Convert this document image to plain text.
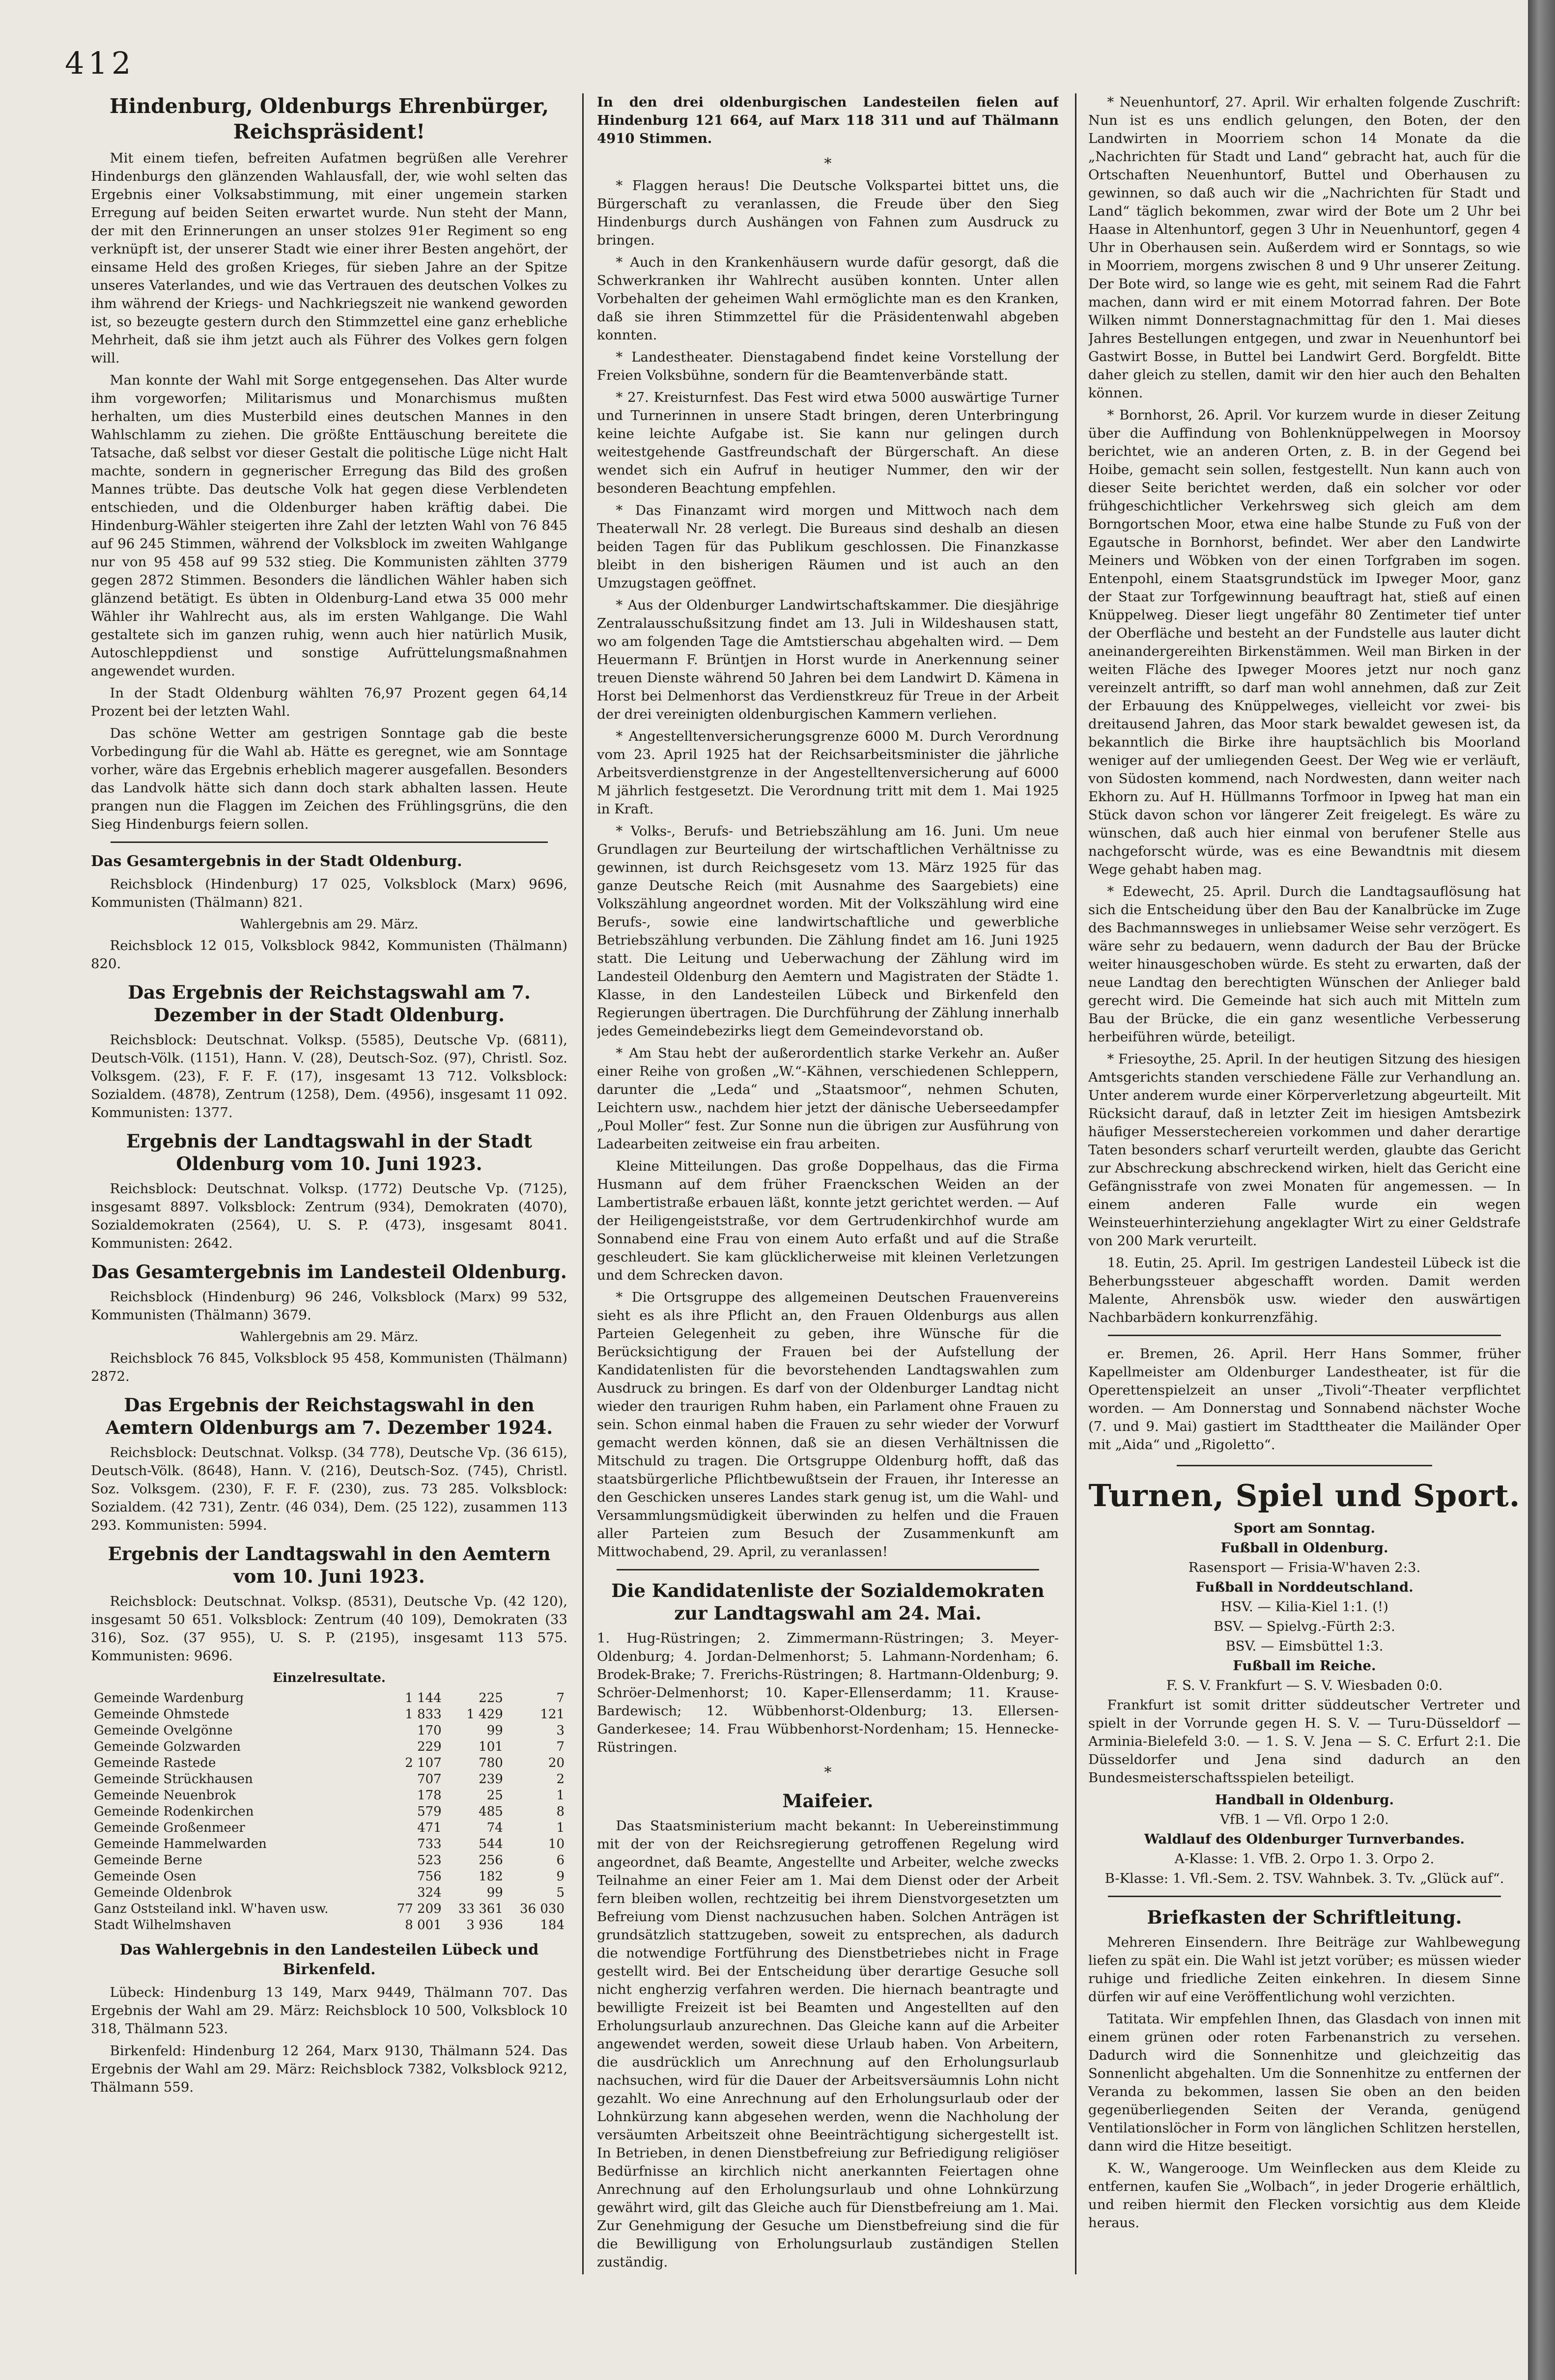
412
Hindenburg, Oldenburgs Ehrenbürger, Reichspräsident!

Mit einem tiefen, befreiten Aufatmen begrüßen alle Verehrer Hindenburgs den glänzenden Wahlausfall, der, wie wohl selten das Ergebnis einer Volksabstimmung, mit einer ungemein starken Erregung auf beiden Seiten erwartet wurde. Nun steht der Mann, der mit den Erinnerungen an unser stolzes 91er Regiment so eng verknüpft ist, der unserer Stadt wie einer ihrer Besten angehört, der einsame Held des großen Krieges, für sieben Jahre an der Spitze unseres Vaterlandes, und wie das Vertrauen des deutschen Volkes zu ihm während der Kriegs- und Nachkriegszeit nie wankend geworden ist, so bezeugte gestern durch den Stimmzettel eine ganz erhebliche Mehrheit, daß sie ihm jetzt auch als Führer des Volkes gern folgen will.

Man konnte der Wahl mit Sorge entgegensehen. Das Alter wurde ihm vorgeworfen; Militarismus und Monarchismus mußten herhalten, um dies Musterbild eines deutschen Mannes in den Wahlschlamm zu ziehen. Die größte Enttäuschung bereitete die Tatsache, daß selbst vor dieser Gestalt die politische Lüge nicht Halt machte, sondern in gegnerischer Erregung das Bild des großen Mannes trübte. Das deutsche Volk hat gegen diese Verblendeten entschieden, und die Oldenburger haben kräftig dabei. Die Hindenburg-Wähler steigerten ihre Zahl der letzten Wahl von 76 845 auf 96 245 Stimmen, während der Volksblock im zweiten Wahlgange nur von 95 458 auf 99 532 stieg. Die Kommunisten zählten 3779 gegen 2872 Stimmen. Besonders die ländlichen Wähler haben sich glänzend betätigt. Es übten in Oldenburg-Land etwa 35 000 mehr Wähler ihr Wahlrecht aus, als im ersten Wahlgange. Die Wahl gestaltete sich im ganzen ruhig, wenn auch hier natürlich Musik, Autoschleppdienst und sonstige Aufrüttelungsmaßnahmen angewendet wurden.

In der Stadt Oldenburg wählten 76,97 Prozent gegen 64,14 Prozent bei der letzten Wahl.

Das schöne Wetter am gestrigen Sonntage gab die beste Vorbedingung für die Wahl ab. Hätte es geregnet, wie am Sonntage vorher, wäre das Ergebnis erheblich magerer ausgefallen. Besonders das Landvolk hätte sich dann doch stark abhalten lassen. Heute prangen nun die Flaggen im Zeichen des Frühlingsgrüns, die den Sieg Hindenburgs feiern sollen.

Das Gesamtergebnis in der Stadt Oldenburg.

Reichsblock (Hindenburg) 17 025, Volksblock (Marx) 9696, Kommunisten (Thälmann) 821.

Wahlergebnis am 29. März.

Reichsblock 12 015, Volksblock 9842, Kommunisten (Thälmann) 820.

Das Ergebnis der Reichstagswahl am 7. Dezember in der Stadt Oldenburg.

Reichsblock: Deutschnat. Volksp. (5585), Deutsche Vp. (6811), Deutsch-Völk. (1151), Hann. V. (28), Deutsch-Soz. (97), Christl. Soz. Volksgem. (23), F. F. F. (17), insgesamt 13 712. Volksblock: Sozialdem. (4878), Zentrum (1258), Dem. (4956), insgesamt 11 092. Kommunisten: 1377.

Ergebnis der Landtagswahl in der Stadt Oldenburg vom 10. Juni 1923.

Reichsblock: Deutschnat. Volksp. (1772) Deutsche Vp. (7125), insgesamt 8897. Volksblock: Zentrum (934), Demokraten (4070), Sozialdemokraten (2564), U. S. P. (473), insgesamt 8041. Kommunisten: 2642.

Das Gesamtergebnis im Landesteil Oldenburg.

Reichsblock (Hindenburg) 96 246, Volksblock (Marx) 99 532, Kommunisten (Thälmann) 3679.

Wahlergebnis am 29. März.

Reichsblock 76 845, Volksblock 95 458, Kommunisten (Thälmann) 2872.

Das Ergebnis der Reichstagswahl in den Aemtern Oldenburgs am 7. Dezember 1924.

Reichsblock: Deutschnat. Volksp. (34 778), Deutsche Vp. (36 615), Deutsch-Völk. (8648), Hann. V. (216), Deutsch-Soz. (745), Christl. Soz. Volksgem. (230), F. F. F. (230), zus. 73 285. Volksblock: Sozialdem. (42 731), Zentr. (46 034), Dem. (25 122), zusammen 113 293. Kommunisten: 5994.

Ergebnis der Landtagswahl in den Aemtern vom 10. Juni 1923.

Reichsblock: Deutschnat. Volksp. (8531), Deutsche Vp. (42 120), insgesamt 50 651. Volksblock: Zentrum (40 109), Demokraten (33 316), Soz. (37 955), U. S. P. (2195), insgesamt 113 575. Kommunisten: 9696.

Einzelresultate.
Gemeinde Wardenburg	1 144	225	7
Gemeinde Ohmstede	1 833	1 429	121
Gemeinde Ovelgönne	170	99	3
Gemeinde Golzwarden	229	101	7
Gemeinde Rastede	2 107	780	20
Gemeinde Strückhausen	707	239	2
Gemeinde Neuenbrok	178	25	1
Gemeinde Rodenkirchen	579	485	8
Gemeinde Großenmeer	471	74	1
Gemeinde Hammelwarden	733	544	10
Gemeinde Berne	523	256	6
Gemeinde Osen	756	182	9
Gemeinde Oldenbrok	324	99	5
Ganz Oststeiland inkl. W'haven usw.	77 209	33 361	36 030
Stadt Wilhelmshaven	8 001	3 936	184
Das Wahlergebnis in den Landesteilen Lübeck und Birkenfeld.

Lübeck: Hindenburg 13 149, Marx 9449, Thälmann 707. Das Ergebnis der Wahl am 29. März: Reichsblock 10 500, Volksblock 10 318, Thälmann 523.

Birkenfeld: Hindenburg 12 264, Marx 9130, Thälmann 524. Das Ergebnis der Wahl am 29. März: Reichsblock 7382, Volksblock 9212, Thälmann 559.

In den drei oldenburgischen Landesteilen fielen auf Hindenburg 121 664, auf Marx 118 311 und auf Thälmann 4910 Stimmen.

*

* Flaggen heraus! Die Deutsche Volkspartei bittet uns, die Bürgerschaft zu veranlassen, die Freude über den Sieg Hindenburgs durch Aushängen von Fahnen zum Ausdruck zu bringen.

* Auch in den Krankenhäusern wurde dafür gesorgt, daß die Schwerkranken ihr Wahlrecht ausüben konnten. Unter allen Vorbehalten der geheimen Wahl ermöglichte man es den Kranken, daß sie ihren Stimmzettel für die Präsidentenwahl abgeben konnten.

* Landestheater. Dienstagabend findet keine Vorstellung der Freien Volksbühne, sondern für die Beamtenverbände statt.

* 27. Kreisturnfest. Das Fest wird etwa 5000 auswärtige Turner und Turnerinnen in unsere Stadt bringen, deren Unterbringung keine leichte Aufgabe ist. Sie kann nur gelingen durch weitestgehende Gastfreundschaft der Bürgerschaft. An diese wendet sich ein Aufruf in heutiger Nummer, den wir der besonderen Beachtung empfehlen.

* Das Finanzamt wird morgen und Mittwoch nach dem Theaterwall Nr. 28 verlegt. Die Bureaus sind deshalb an diesen beiden Tagen für das Publikum geschlossen. Die Finanzkasse bleibt in den bisherigen Räumen und ist auch an den Umzugstagen geöffnet.

* Aus der Oldenburger Landwirtschaftskammer. Die diesjährige Zentralausschußsitzung findet am 13. Juli in Wildeshausen statt, wo am folgenden Tage die Amtstierschau abgehalten wird. — Dem Heuermann F. Brüntjen in Horst wurde in Anerkennung seiner treuen Dienste während 50 Jahren bei dem Landwirt D. Kämena in Horst bei Delmenhorst das Verdienstkreuz für Treue in der Arbeit der drei vereinigten oldenburgischen Kammern verliehen.

* Angestelltenversicherungsgrenze 6000 M. Durch Verordnung vom 23. April 1925 hat der Reichsarbeitsminister die jährliche Arbeitsverdienstgrenze in der Angestelltenversicherung auf 6000 M jährlich festgesetzt. Die Verordnung tritt mit dem 1. Mai 1925 in Kraft.

* Volks-, Berufs- und Betriebszählung am 16. Juni. Um neue Grundlagen zur Beurteilung der wirtschaftlichen Verhältnisse zu gewinnen, ist durch Reichsgesetz vom 13. März 1925 für das ganze Deutsche Reich (mit Ausnahme des Saargebiets) eine Volkszählung angeordnet worden. Mit der Volkszählung wird eine Berufs-, sowie eine landwirtschaftliche und gewerbliche Betriebszählung verbunden. Die Zählung findet am 16. Juni 1925 statt. Die Leitung und Ueberwachung der Zählung wird im Landesteil Oldenburg den Aemtern und Magistraten der Städte 1. Klasse, in den Landesteilen Lübeck und Birkenfeld den Regierungen übertragen. Die Durchführung der Zählung innerhalb jedes Gemeindebezirks liegt dem Gemeindevorstand ob.

* Am Stau hebt der außerordentlich starke Verkehr an. Außer einer Reihe von großen „W.“-Kähnen, verschiedenen Schleppern, darunter die „Leda“ und „Staatsmoor“, nehmen Schuten, Leichtern usw., nachdem hier jetzt der dänische Ueberseedampfer „Poul Moller“ fest. Zur Sonne nun die übrigen zur Ausführung von Ladearbeiten zeitweise ein frau arbeiten.

Kleine Mitteilungen. Das große Doppelhaus, das die Firma Husmann auf dem früher Fraenckschen Weiden an der Lambertistraße erbauen läßt, konnte jetzt gerichtet werden. — Auf der Heiligengeiststraße, vor dem Gertrudenkirchhof wurde am Sonnabend eine Frau von einem Auto erfaßt und auf die Straße geschleudert. Sie kam glücklicherweise mit kleinen Verletzungen und dem Schrecken davon.

* Die Ortsgruppe des allgemeinen Deutschen Frauenvereins sieht es als ihre Pflicht an, den Frauen Oldenburgs aus allen Parteien Gelegenheit zu geben, ihre Wünsche für die Berücksichtigung der Frauen bei der Aufstellung der Kandidatenlisten für die bevorstehenden Landtagswahlen zum Ausdruck zu bringen. Es darf von der Oldenburger Landtag nicht wieder den traurigen Ruhm haben, ein Parlament ohne Frauen zu sein. Schon einmal haben die Frauen zu sehr wieder der Vorwurf gemacht werden können, daß sie an diesen Verhältnissen die Mitschuld zu tragen. Die Ortsgruppe Oldenburg hofft, daß das staatsbürgerliche Pflichtbewußtsein der Frauen, ihr Interesse an den Geschicken unseres Landes stark genug ist, um die Wahl- und Versammlungsmüdigkeit überwinden zu helfen und die Frauen aller Parteien zum Besuch der Zusammenkunft am Mittwochabend, 29. April, zu veranlassen!

Die Kandidatenliste der Sozialdemokraten zur Landtagswahl am 24. Mai.

1. Hug-Rüstringen; 2. Zimmermann-Rüstringen; 3. Meyer-Oldenburg; 4. Jordan-Delmenhorst; 5. Lahmann-Nordenham; 6. Brodek-Brake; 7. Frerichs-Rüstringen; 8. Hartmann-Oldenburg; 9. Schröer-Delmenhorst; 10. Kaper-Ellenserdamm; 11. Krause-Bardewisch; 12. Wübbenhorst-Oldenburg; 13. Ellersen-Ganderkesee; 14. Frau Wübbenhorst-Nordenham; 15. Hennecke-Rüstringen.

*
Maifeier.

Das Staatsministerium macht bekannt: In Uebereinstimmung mit der von der Reichsregierung getroffenen Regelung wird angeordnet, daß Beamte, Angestellte und Arbeiter, welche zwecks Teilnahme an einer Feier am 1. Mai dem Dienst oder der Arbeit fern bleiben wollen, rechtzeitig bei ihrem Dienstvorgesetzten um Befreiung vom Dienst nachzusuchen haben. Solchen Anträgen ist grundsätzlich stattzugeben, soweit zu entsprechen, als dadurch die notwendige Fortführung des Dienstbetriebes nicht in Frage gestellt wird. Bei der Entscheidung über derartige Gesuche soll nicht engherzig verfahren werden. Die hiernach beantragte und bewilligte Freizeit ist bei Beamten und Angestellten auf den Erholungsurlaub anzurechnen. Das Gleiche kann auf die Arbeiter angewendet werden, soweit diese Urlaub haben. Von Arbeitern, die ausdrücklich um Anrechnung auf den Erholungsurlaub nachsuchen, wird für die Dauer der Arbeitsversäumnis Lohn nicht gezahlt. Wo eine Anrechnung auf den Erholungsurlaub oder der Lohnkürzung kann abgesehen werden, wenn die Nachholung der versäumten Arbeitszeit ohne Beeinträchtigung sichergestellt ist. In Betrieben, in denen Dienstbefreiung zur Befriedigung religiöser Bedürfnisse an kirchlich nicht anerkannten Feiertagen ohne Anrechnung auf den Erholungsurlaub und ohne Lohnkürzung gewährt wird, gilt das Gleiche auch für Dienstbefreiung am 1. Mai. Zur Genehmigung der Gesuche um Dienstbefreiung sind die für die Bewilligung von Erholungsurlaub zuständigen Stellen zuständig.

* Neuenhuntorf, 27. April. Wir erhalten folgende Zuschrift: Nun ist es uns endlich gelungen, den Boten, der den Landwirten in Moorriem schon 14 Monate da die „Nachrichten für Stadt und Land“ gebracht hat, auch für die Ortschaften Neuenhuntorf, Buttel und Oberhausen zu gewinnen, so daß auch wir die „Nachrichten für Stadt und Land“ täglich bekommen, zwar wird der Bote um 2 Uhr bei Haase in Altenhuntorf, gegen 3 Uhr in Neuenhuntorf, gegen 4 Uhr in Oberhausen sein. Außerdem wird er Sonntags, so wie in Moorriem, morgens zwischen 8 und 9 Uhr unserer Zeitung. Der Bote wird, so lange wie es geht, mit seinem Rad die Fahrt machen, dann wird er mit einem Motorrad fahren. Der Bote Wilken nimmt Donnerstagnachmittag für den 1. Mai dieses Jahres Bestellungen entgegen, und zwar in Neuenhuntorf bei Gastwirt Bosse, in Buttel bei Landwirt Gerd. Borgfeldt. Bitte daher gleich zu stellen, damit wir den hier auch den Behalten können.

* Bornhorst, 26. April. Vor kurzem wurde in dieser Zeitung über die Auffindung von Bohlenknüppelwegen in Moorsoy berichtet, wie an anderen Orten, z. B. in der Gegend bei Hoibe, gemacht sein sollen, festgestellt. Nun kann auch von dieser Seite berichtet werden, daß ein solcher vor oder frühgeschichtlicher Verkehrsweg sich gleich am dem Borngortschen Moor, etwa eine halbe Stunde zu Fuß von der Egautsche in Bornhorst, befindet. Wer aber den Landwirte Meiners und Wöbken von der einen Torfgraben im sogen. Entenpohl, einem Staatsgrundstück im Ipweger Moor, ganz der Staat zur Torfgewinnung beauftragt hat, stieß auf einen Knüppelweg. Dieser liegt ungefähr 80 Zentimeter tief unter der Oberfläche und besteht an der Fundstelle aus lauter dicht aneinandergereihten Birkenstämmen. Weil man Birken in der weiten Fläche des Ipweger Moores jetzt nur noch ganz vereinzelt antrifft, so darf man wohl annehmen, daß zur Zeit der Erbauung des Knüppelweges, vielleicht vor zwei- bis dreitausend Jahren, das Moor stark bewaldet gewesen ist, da bekanntlich die Birke ihre hauptsächlich bis Moorland weniger auf der umliegenden Geest. Der Weg wie er verläuft, von Südosten kommend, nach Nordwesten, dann weiter nach Ekhorn zu. Auf H. Hüllmanns Torfmoor in Ipweg hat man ein Stück davon schon vor längerer Zeit freigelegt. Es wäre zu wünschen, daß auch hier einmal von berufener Stelle aus nachgeforscht würde, was es eine Bewandtnis mit diesem Wege gehabt haben mag.

* Edewecht, 25. April. Durch die Landtagsauflösung hat sich die Entscheidung über den Bau der Kanalbrücke im Zuge des Bachmannsweges in unliebsamer Weise sehr verzögert. Es wäre sehr zu bedauern, wenn dadurch der Bau der Brücke weiter hinausgeschoben würde. Es steht zu erwarten, daß der neue Landtag den berechtigten Wünschen der Anlieger bald gerecht wird. Die Gemeinde hat sich auch mit Mitteln zum Bau der Brücke, die ein ganz wesentliche Verbesserung herbeiführen würde, beteiligt.

* Friesoythe, 25. April. In der heutigen Sitzung des hiesigen Amtsgerichts standen verschiedene Fälle zur Verhandlung an. Unter anderem wurde einer Körperverletzung abgeurteilt. Mit Rücksicht darauf, daß in letzter Zeit im hiesigen Amtsbezirk häufiger Messerstechereien vorkommen und daher derartige Taten besonders scharf verurteilt werden, glaubte das Gericht zur Abschreckung abschreckend wirken, hielt das Gericht eine Gefängnisstrafe von zwei Monaten für angemessen. — In einem anderen Falle wurde ein wegen Weinsteuerhinterziehung angeklagter Wirt zu einer Geldstrafe von 200 Mark verurteilt.

18. Eutin, 25. April. Im gestrigen Landesteil Lübeck ist die Beherbungssteuer abgeschafft worden. Damit werden Malente, Ahrensbök usw. wieder den auswärtigen Nachbarbädern konkurrenzfähig.

er. Bremen, 26. April. Herr Hans Sommer, früher Kapellmeister am Oldenburger Landestheater, ist für die Operettenspielzeit an unser „Tivoli“-Theater verpflichtet worden. — Am Donnerstag und Sonnabend nächster Woche (7. und 9. Mai) gastiert im Stadttheater die Mailänder Oper mit „Aida“ und „Rigoletto“.

Turnen, Spiel und Sport.
Sport am Sonntag.
Fußball in Oldenburg.
Rasensport — Frisia-W'haven 2:3.
Fußball in Norddeutschland.
HSV. — Kilia-Kiel 1:1. (!)
BSV. — Spielvg.-Fürth 2:3.
BSV. — Eimsbüttel 1:3.
Fußball im Reiche.
F. S. V. Frankfurt — S. V. Wiesbaden 0:0.

Frankfurt ist somit dritter süddeutscher Vertreter und spielt in der Vorrunde gegen H. S. V. — Turu-Düsseldorf — Arminia-Bielefeld 3:0. — 1. S. V. Jena — S. C. Erfurt 2:1. Die Düsseldorfer und Jena sind dadurch an den Bundesmeisterschaftsspielen beteiligt.

Handball in Oldenburg.
VfB. 1 — Vfl. Orpo 1 2:0.
Waldlauf des Oldenburger Turnverbandes.
A-Klasse: 1. VfB. 2. Orpo 1. 3. Orpo 2.
B-Klasse: 1. Vfl.-Sem. 2. TSV. Wahnbek. 3. Tv. „Glück auf“.
Briefkasten der Schriftleitung.

Mehreren Einsendern. Ihre Beiträge zur Wahlbewegung liefen zu spät ein. Die Wahl ist jetzt vorüber; es müssen wieder ruhige und friedliche Zeiten einkehren. In diesem Sinne dürfen wir auf eine Veröffentlichung wohl verzichten.

Tatitata. Wir empfehlen Ihnen, das Glasdach von innen mit einem grünen oder roten Farbenanstrich zu versehen. Dadurch wird die Sonnenhitze und gleichzeitig das Sonnenlicht abgehalten. Um die Sonnenhitze zu entfernen der Veranda zu bekommen, lassen Sie oben an den beiden gegenüberliegenden Seiten der Veranda, genügend Ventilationslöcher in Form von länglichen Schlitzen herstellen, dann wird die Hitze beseitigt.

K. W., Wangerooge. Um Weinflecken aus dem Kleide zu entfernen, kaufen Sie „Wolbach“, in jeder Drogerie erhältlich, und reiben hiermit den Flecken vorsichtig aus dem Kleide heraus.
